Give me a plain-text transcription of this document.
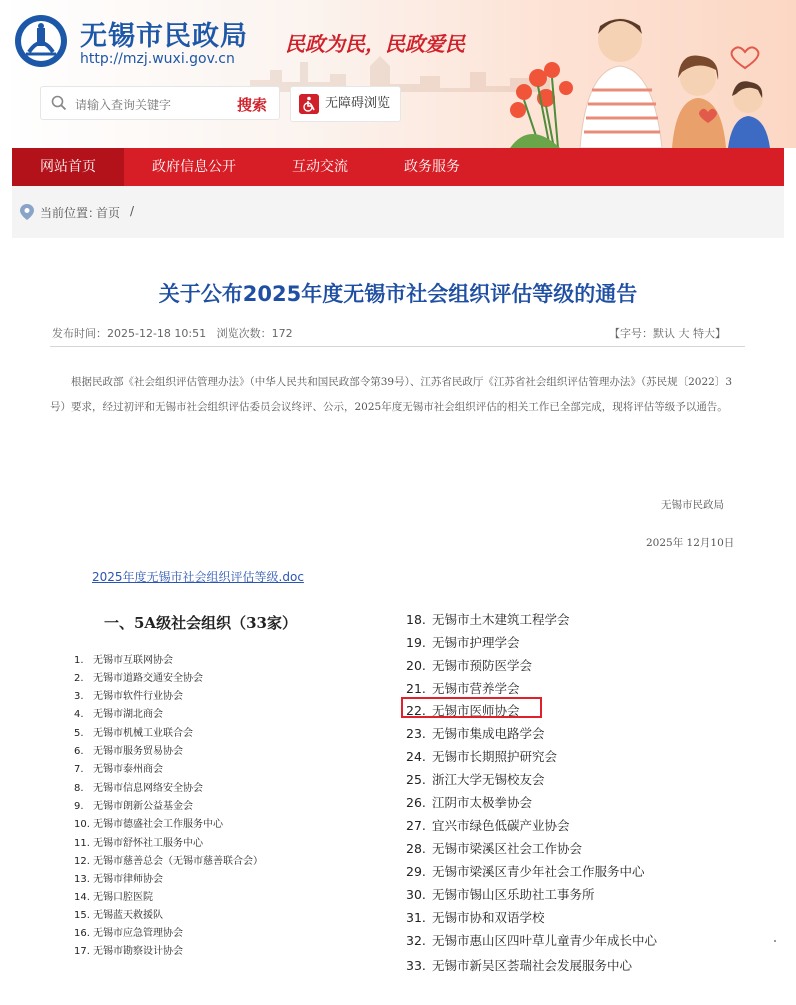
无锡市民政局
http://mzj.wuxi.gov.cn
民政为民，民政爱民
请输入查询关键字
搜索	无障碍浏览
网站首页	政府信息公开	互动交流	政务服务
当前位置：
首页 /
关于公布2025年度无锡市社会组织评估等级的通告
发布时间：2025-12-18 10:51 浏览次数：172	【字号：默认 大 特大】
根据民政部《社会组织评估管理办法》（中华人民共和国民政部令第39号）、江苏省民政厅《江苏省社会组织评估管理办法》（苏民规〔2022〕3号）要求，经过初评和无锡市社会组织评估委员会议终评、公示，2025年度无锡市社会组织评估的相关工作已全部完成，现将评估等级予以通告。
无锡市民政局
2025年 12月10日
2025年度无锡市社会组织评估等级.doc
一、5A级社会组织（33家）
1. 无锡市互联网协会
2. 无锡市道路交通安全协会
3. 无锡市软件行业协会
4. 无锡市湖北商会
5. 无锡市机械工业联合会
6. 无锡市服务贸易协会
7. 无锡市泰州商会
8. 无锡市信息网络安全协会
9. 无锡市朗新公益基金会
10. 无锡市德盛社会工作服务中心
11. 无锡市舒怀社工服务中心
12. 无锡市慈善总会（无锡市慈善联合会）
13. 无锡市律师协会
14. 无锡口腔医院
15. 无锡蓝天救援队
16. 无锡市应急管理协会
17. 无锡市勘察设计协会
18. 无锡市土木建筑工程学会
19. 无锡市护理学会
20. 无锡市预防医学会
21. 无锡市营养学会
22. 无锡市医师协会
23. 无锡市集成电路学会
24. 无锡市长期照护研究会
25. 浙江大学无锡校友会
26. 江阴市太极拳协会
27. 宜兴市绿色低碳产业协会
28. 无锡市梁溪区社会工作协会
29. 无锡市梁溪区青少年社会工作服务中心
30. 无锡市锡山区乐助社工事务所
31. 无锡市协和双语学校
32. 无锡市惠山区四叶草儿童青少年成长中心
33. 无锡市新吴区荟瑞社会发展服务中心
